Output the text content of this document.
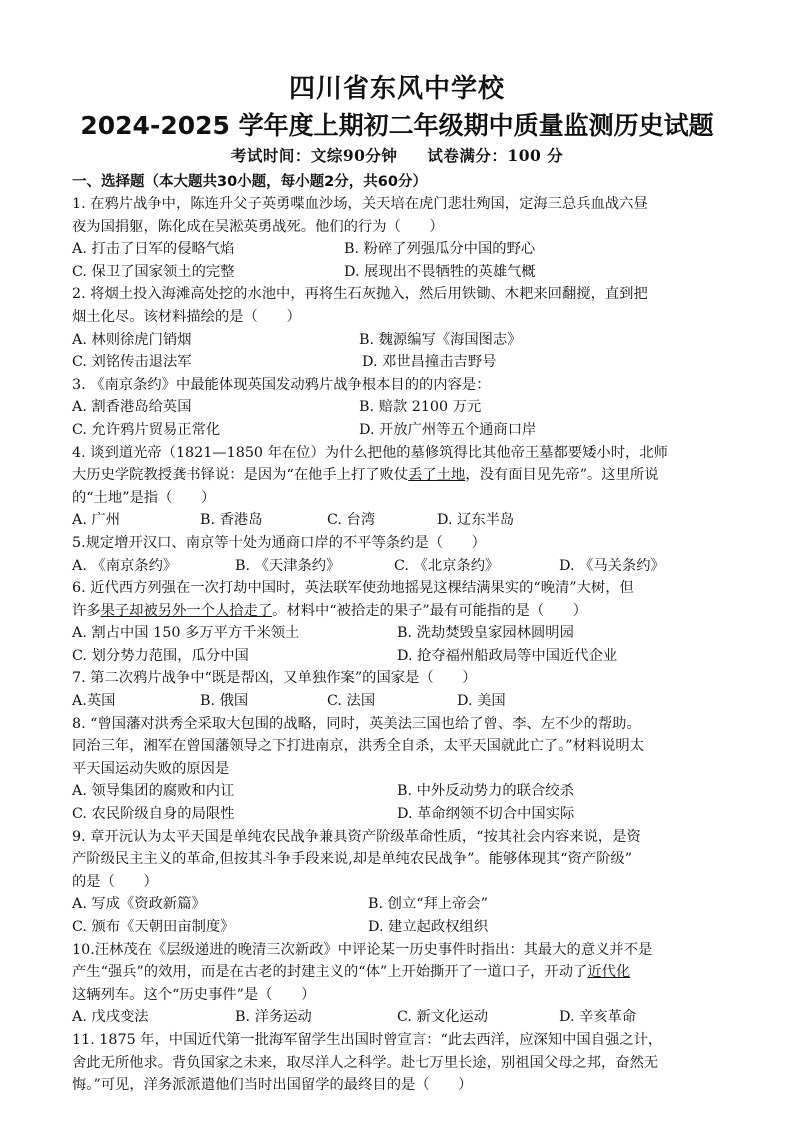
四川省东风中学校
2024-2025 学年度上期初二年级期中质量监测历史试题
考试时间：文综90分钟 试卷满分：100 分
一、选择题（本大题共30小题，每小题2分，共60分）
1. 在鸦片战争中，陈连升父子英勇喋血沙场，关天培在虎门悲壮殉国，定海三总兵血战六昼
夜为国捐躯，陈化成在吴淞英勇战死。他们的行为（　　）
A. 打击了日军的侵略气焰	B. 粉碎了列强瓜分中国的野心
C. 保卫了国家领土的完整	D. 展现出不畏牺牲的英雄气概
2. 将烟土投入海滩高处挖的水池中，再将生石灰抛入，然后用铁锄、木耙来回翻搅，直到把
烟土化尽。该材料描绘的是（　　）
A. 林则徐虎门销烟	B. 魏源编写《海国图志》
C. 刘铭传击退法军	D. 邓世昌撞击吉野号
3. 《南京条约》中最能体现英国发动鸦片战争根本目的的内容是：
A. 割香港岛给英国	B. 赔款 2100 万元
C. 允许鸦片贸易正常化	D. 开放广州等五个通商口岸
4. 谈到道光帝（1821—1850 年在位）为什么把他的墓修筑得比其他帝王墓都要矮小时，北师
大历史学院教授龚书铎说：是因为“在他手上打了败仗丢了土地，没有面目见先帝”。这里所说
的“土地”是指（　　）
A. 广州	B. 香港岛	C. 台湾	D. 辽东半岛
5.规定增开汉口、南京等十处为通商口岸的不平等条约是（　　）
A. 《南京条约》	B. 《天津条约》	C. 《北京条约》	D. 《马关条约》
6. 近代西方列强在一次打劫中国时，英法联军使劲地摇晃这棵结满果实的“晚清”大树，但
许多果子却被另外一个人拾走了。材料中“被拾走的果子”最有可能指的是（　　）
A. 割占中国 150 多万平方千米领土	B. 洗劫焚毁皇家园林圆明园
C. 划分势力范围，瓜分中国	D. 抢夺福州船政局等中国近代企业
7. 第二次鸦片战争中“既是帮凶，又单独作案”的国家是（　　）
A.英国	B. 俄国	C. 法国	D. 美国
8. “曾国藩对洪秀全采取大包围的战略，同时，英美法三国也给了曾、李、左不少的帮助。
同治三年，湘军在曾国藩领导之下打进南京，洪秀全自杀，太平天国就此亡了。”材料说明太
平天国运动失败的原因是
A. 领导集团的腐败和内讧	B. 中外反动势力的联合绞杀
C. 农民阶级自身的局限性	D. 革命纲领不切合中国实际
9. 章开沅认为太平天国是单纯农民战争兼具资产阶级革命性质，“按其社会内容来说，是资
产阶级民主主义的革命,但按其斗争手段来说,却是单纯农民战争”。能够体现其“资产阶级”
的是（　　）
A. 写成《资政新篇》	B. 创立“拜上帝会”
C. 颁布《天朝田亩制度》	D. 建立起政权组织
10.汪林茂在《层级递进的晚清三次新政》中评论某一历史事件时指出：其最大的意义并不是
产生“强兵”的效用，而是在古老的封建主义的“体”上开始撕开了一道口子，开动了近代化
这辆列车。这个“历史事件”是（　　）
A. 戊戌变法	B. 洋务运动	C. 新文化运动	D. 辛亥革命
11. 1875 年，中国近代第一批海军留学生出国时曾宣言：“此去西洋，应深知中国自强之计，
舍此无所他求。背负国家之未来，取尽洋人之科学。赴七万里长途，别祖国父母之邦，奋然无
悔。”可见，洋务派派遣他们当时出国留学的最终目的是（　　）
